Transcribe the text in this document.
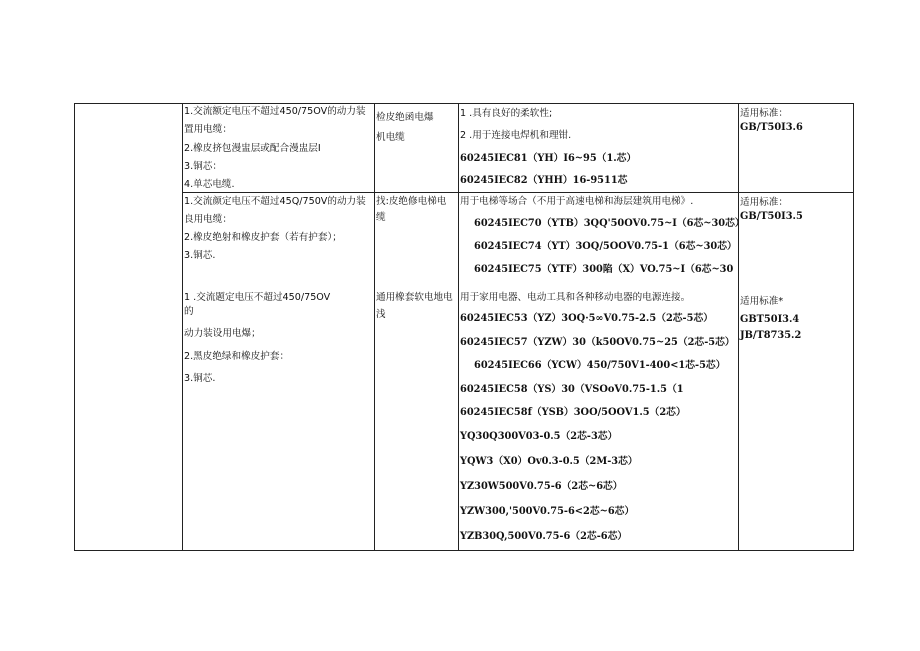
1.交流额定电压不超过450/75OV的动力装
置用电缆：
2.橡皮挤包漫盅层或配合漫盅层I
3.铜芯：
4.单芯电缆.
检皮绝函电爆
机电缆
1 .具有良好的柔软性;
2 .用于连接电焊机和理钳.
60245IEC81（YH）I6~95（1.芯）
60245IEC82（YHH）16-9511芯
适用标准：
GB/T50I3.6
1.交流颜定电压不超过45Q/750V的动力装
良用电缆：
2.橡皮绝射和橡皮护套（若有护套）；
3.铜芯.
找:皮绝修电梯电
缆
用于电梯等场合（不用于高速电梯和海层建筑用电梯》.
60245IEC70（YTB）3QQ'50OV0.75~I（6芯~30芯）
60245IEC74（YT）3OQ/5OOV0.75-1（6芯~30芯）
60245IEC75（YTF）300陷（X）VO.75~I（6芯~30
适用标准：
GB/T50I3.5
1 .交流题定电压不超过450/75OV
的
动力装设用电爆；
2.黑皮绝绿和橡皮护套：
3.铜芯.
通用橡套软电地电
浅
用于家用电器、电动工具和各种移动电器的电源连接。
60245IEC53（YZ）3OQ·5∞V0.75-2.5（2芯-5芯）
60245IEC57（YZW）30（k50OV0.75~25（2芯-5芯）
60245IEC66（YCW）450/750V1-400<1芯-5芯）
60245IEC58（YS）30（VSOoV0.75-1.5（1
60245IEC58f（YSB）3OO/5OOV1.5（2芯）
YQ30Q300V03-0.5（2芯-3芯）
YQW3（X0）Ov0.3-0.5（2M-3芯）
YZ30W500V0.75-6（2芯~6芯）
YZW300,'500V0.75-6<2芯~6芯）
YZB30Q,500V0.75-6（2芯-6芯）
适用标准*
GBT50I3.4
JB/T8735.2
